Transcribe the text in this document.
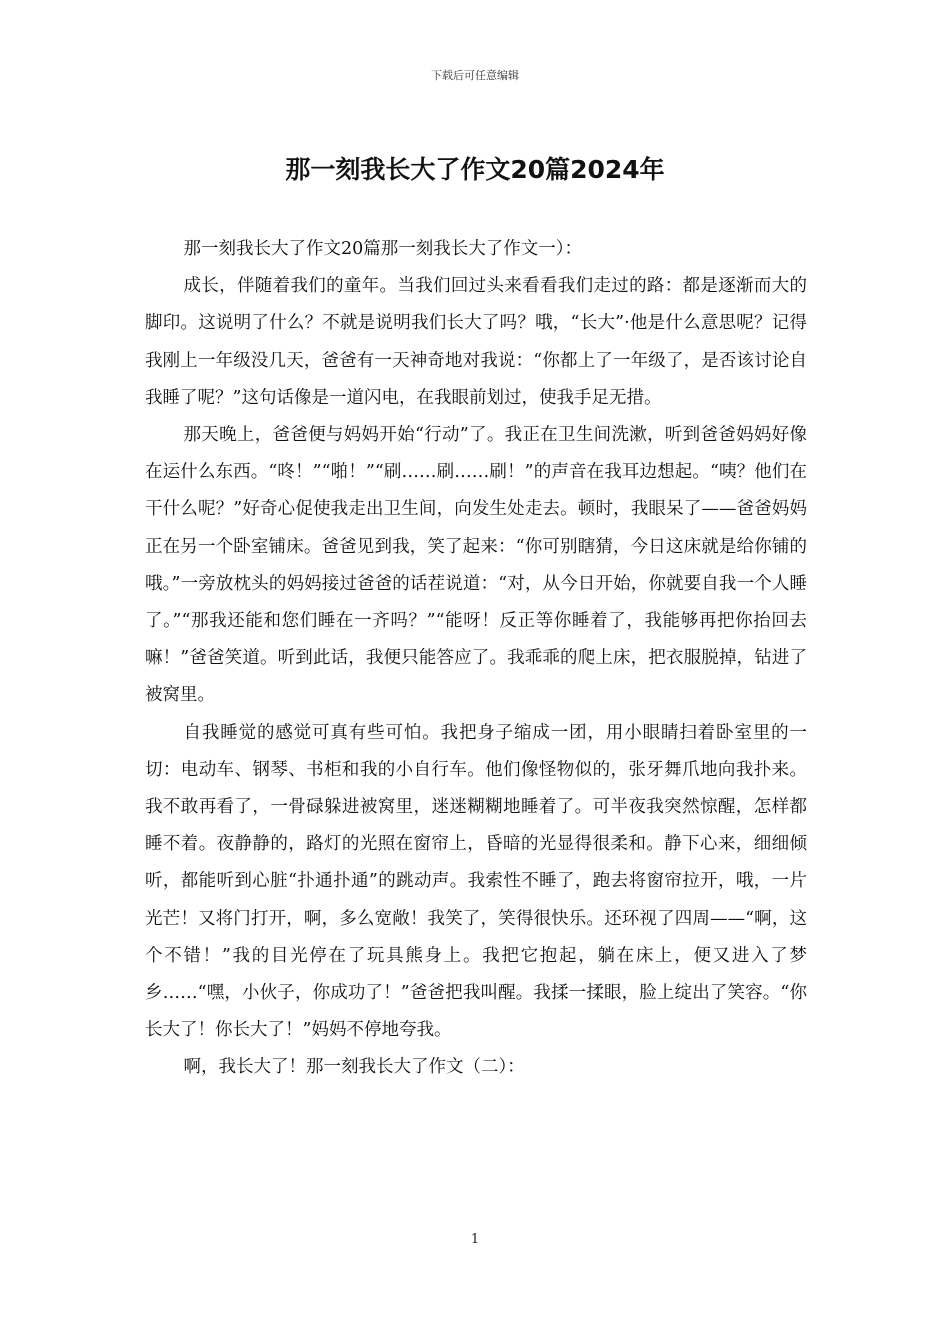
下载后可任意编辑
那一刻我长大了作文20篇2024年

那一刻我长大了作文20篇那一刻我长大了作文一）：

成长，伴随着我们的童年。当我们回过头来看看我们走过的路：都是逐渐而大的脚印。这说明了什么？不就是说明我们长大了吗？哦，“长大”·他是什么意思呢？记得我刚上一年级没几天，爸爸有一天神奇地对我说：“你都上了一年级了，是否该讨论自我睡了呢？”这句话像是一道闪电，在我眼前划过，使我手足无措。

那天晚上，爸爸便与妈妈开始“行动”了。我正在卫生间洗漱，听到爸爸妈妈好像在运什么东西。“咚！”“啪！”“刷……刷……刷！”的声音在我耳边想起。“咦？他们在干什么呢？”好奇心促使我走出卫生间，向发生处走去。顿时，我眼呆了——爸爸妈妈正在另一个卧室铺床。爸爸见到我，笑了起来：“你可别瞎猜，今日这床就是给你铺的哦。”一旁放枕头的妈妈接过爸爸的话茬说道：“对，从今日开始，你就要自我一个人睡了。”“那我还能和您们睡在一齐吗？”“能呀！反正等你睡着了，我能够再把你抬回去嘛！”爸爸笑道。听到此话，我便只能答应了。我乖乖的爬上床，把衣服脱掉，钻进了被窝里。

自我睡觉的感觉可真有些可怕。我把身子缩成一团，用小眼睛扫着卧室里的一切：电动车、钢琴、书柜和我的小自行车。他们像怪物似的，张牙舞爪地向我扑来。我不敢再看了，一骨碌躲进被窝里，迷迷糊糊地睡着了。可半夜我突然惊醒，怎样都睡不着。夜静静的，路灯的光照在窗帘上，昏暗的光显得很柔和。静下心来，细细倾听，都能听到心脏“扑通扑通”的跳动声。我索性不睡了，跑去将窗帘拉开，哦，一片光芒！又将门打开，啊，多么宽敞！我笑了，笑得很快乐。还环视了四周——“啊，这个不错！”我的目光停在了玩具熊身上。我把它抱起，躺在床上，便又进入了梦乡……“嘿，小伙子，你成功了！”爸爸把我叫醒。我揉一揉眼，脸上绽出了笑容。“你长大了！你长大了！”妈妈不停地夸我。

啊，我长大了！那一刻我长大了作文（二）：

1
